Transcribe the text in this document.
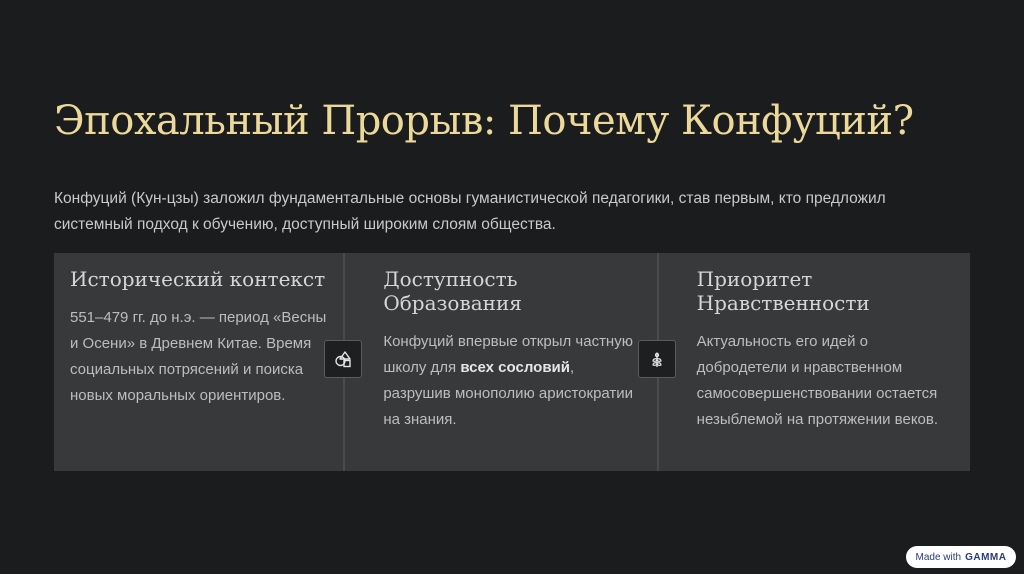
Эпохальный Прорыв: Почему Конфуций?

Конфуций (Кун-цзы) заложил фундаментальные основы гуманистической педагогики, став первым, кто предложил системный подход к обучению, доступный широким слоям общества.

Исторический контекст

551–479 гг. до н.э. — период «Весны и Осени» в Древнем Китае. Время социальных потрясений и поиска новых моральных ориентиров.

Доступность Образования

Конфуций впервые открыл частную школу для всех сословий, разрушив монополию аристократии на знания.

Приоритет Нравственности

Актуальность его идей о добродетели и нравственном самосовершенствовании остается незыблемой на протяжении веков.

Made with GAMMA
